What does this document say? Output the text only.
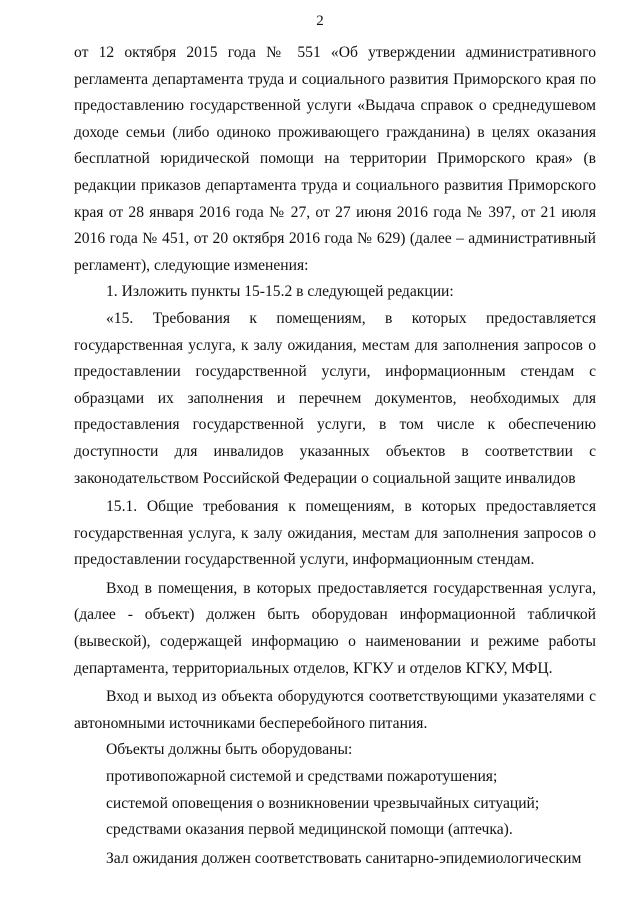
2

от 12 октября 2015 года № 551 «Об утверждении административного регламента департамента труда и социального развития Приморского края по предоставлению государственной услуги «Выдача справок о среднедушевом доходе семьи (либо одиноко проживающего гражданина) в целях оказания бесплатной юридической помощи на территории Приморского края» (в редакции приказов департамента труда и социального развития Приморского края от 28 января 2016 года № 27, от 27 июня 2016 года № 397, от 21 июля 2016 года № 451, от 20 октября 2016 года № 629) (далее – административный регламент), следующие изменения:

1. Изложить пункты 15-15.2 в следующей редакции:

«15. Требования к помещениям, в которых предоставляется государственная услуга, к залу ожидания, местам для заполнения запросов о предоставлении государственной услуги, информационным стендам с образцами их заполнения и перечнем документов, необходимых для предоставления государственной услуги, в том числе к обеспечению доступности для инвалидов указанных объектов в соответствии с законодательством Российской Федерации о социальной защите инвалидов

15.1. Общие требования к помещениям, в которых предоставляется государственная услуга, к залу ожидания, местам для заполнения запросов о предоставлении государственной услуги, информационным стендам.

Вход в помещения, в которых предоставляется государственная услуга, (далее - объект) должен быть оборудован информационной табличкой (вывеской), содержащей информацию о наименовании и режиме работы департамента, территориальных отделов, КГКУ и отделов КГКУ, МФЦ.

Вход и выход из объекта оборудуются соответствующими указателями с автономными источниками бесперебойного питания.

Объекты должны быть оборудованы:

противопожарной системой и средствами пожаротушения;

системой оповещения о возникновении чрезвычайных ситуаций;

средствами оказания первой медицинской помощи (аптечка).

Зал ожидания должен соответствовать санитарно-эпидемиологическим
